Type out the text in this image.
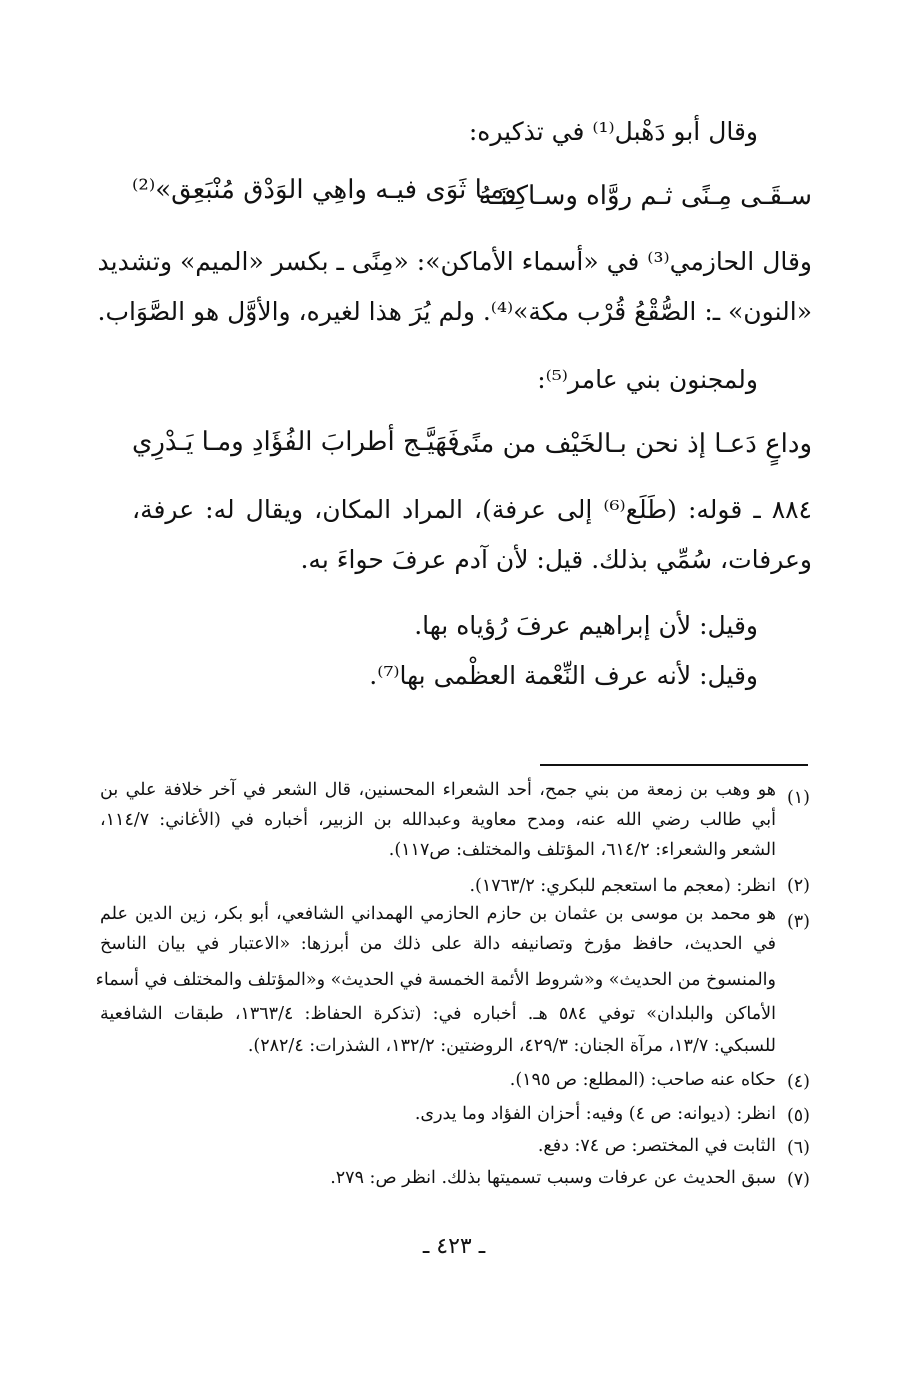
وقال أبو دَهْبل⁽¹⁾ في تذكيره:
سـقَـى مِـنًى ثـم روَّاه وسـاكِـنَـهُ
ومـا ثَوَى فيـه واهِي الوَدْق مُنْبَعِق»⁽²⁾
وقال الحازمي⁽³⁾ في «أسماء الأماكن»: «مِنًى ـ بكسر «الميم» وتشديد
«النون» ـ: الصُّقْعُ قُرْب مكة»⁽⁴⁾. ولم يُرَ هذا لغيره، والأوَّل هو الصَّوَاب.
ولمجنون بني عامر⁽⁵⁾:
وداعٍ دَعـا إذ نحن بـالخَيْف من منًى
فَهَيَّـج أطرابَ الفُؤَادِ ومـا يَـدْرِي
٨٨٤ ـ قوله: (طَلَع⁽⁶⁾ إلى عرفة)، المراد المكان، ويقال له: عرفة،
وعرفات، سُمِّي بذلك. قيل: لأن آدم عرفَ حواءَ به.
وقيل: لأن إبراهيم عرفَ رُؤياه بها.
وقيل: لأنه عرف النِّعْمة العظْمى بها⁽⁷⁾.
(١)
هو وهب بن زمعة من بني جمح، أحد الشعراء المحسنين، قال الشعر في آخر خلافة علي بن
أبي طالب رضي الله عنه، ومدح معاوية وعبدالله بن الزبير، أخباره في (الأغاني: ١١٤/٧،
الشعر والشعراء: ٦١٤/٢، المؤتلف والمختلف: ص١١٧).
(٢)
انظر: (معجم ما استعجم للبكري: ١٧٦٣/٢).
(٣)
هو محمد بن موسى بن عثمان بن حازم الحازمي الهمداني الشافعي، أبو بكر، زين الدين علم
في الحديث، حافظ مؤرخ وتصانيفه دالة على ذلك من أبرزها: «الاعتبار في بيان الناسخ
والمنسوخ من الحديث» و«شروط الأئمة الخمسة في الحديث» و«المؤتلف والمختلف في أسماء
الأماكن والبلدان» توفي ٥٨٤ هـ. أخباره في: (تذكرة الحفاظ: ١٣٦٣/٤، طبقات الشافعية
للسبكي: ١٣/٧، مرآة الجنان: ٤٢٩/٣، الروضتين: ١٣٢/٢، الشذرات: ٢٨٢/٤).
(٤)
حكاه عنه صاحب: (المطلع: ص ١٩٥).
(٥)
انظر: (ديوانه: ص ٤) وفيه: أحزان الفؤاد وما يدرى.
(٦)
الثابت في المختصر: ص ٧٤: دفع.
(٧)
سبق الحديث عن عرفات وسبب تسميتها بذلك. انظر ص: ٢٧٩.
ـ ٤٢٣ ـ
